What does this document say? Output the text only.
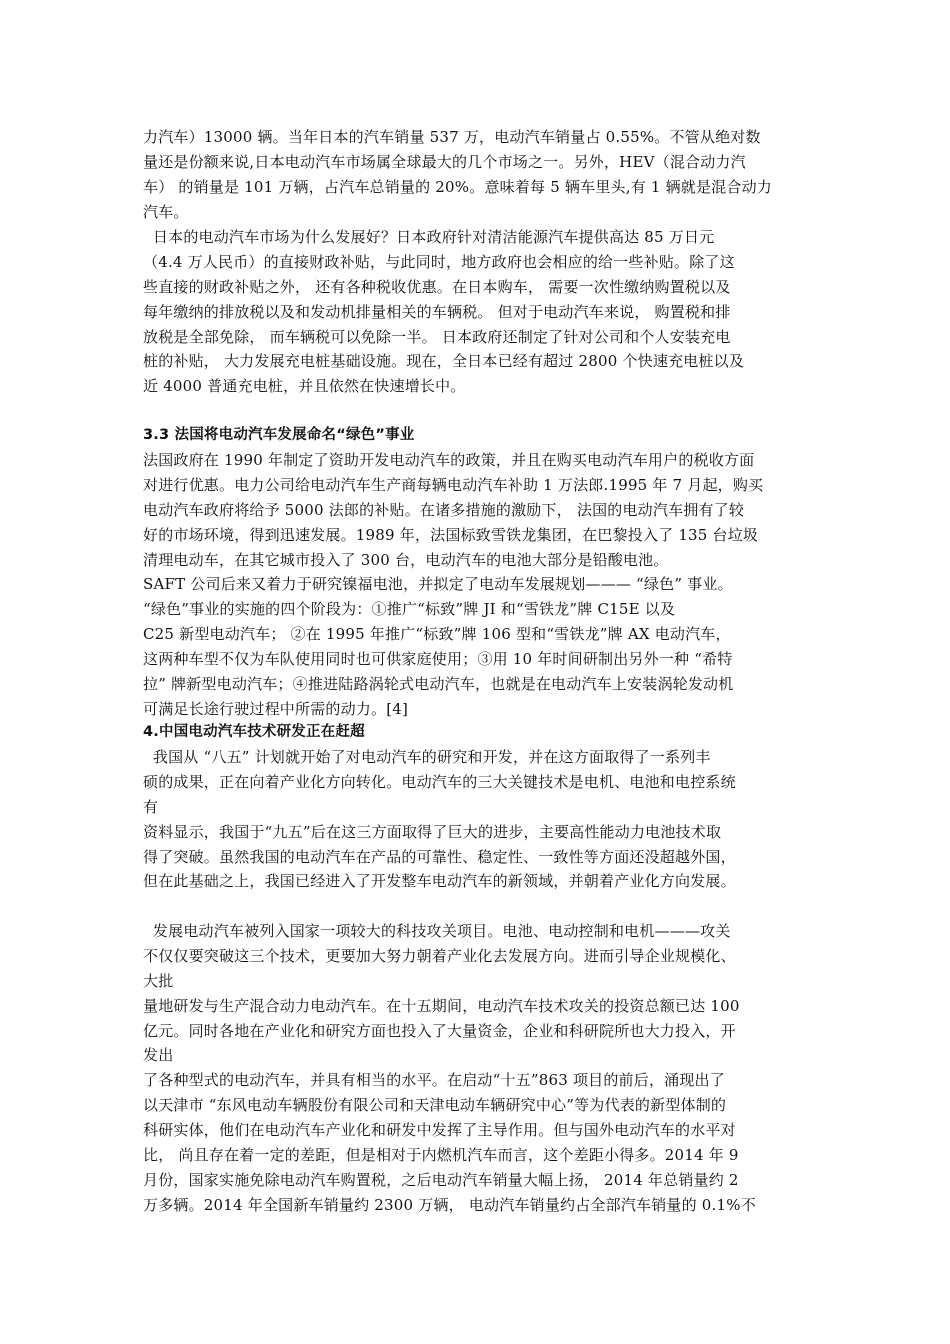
力汽车）13000 辆。当年日本的汽车销量 537 万，电动汽车销量占 0.55%。不管从绝对数
量还是份额来说,日本电动汽车市场属全球最大的几个市场之一。另外，HEV（混合动力汽
车） 的销量是 101 万辆，占汽车总销量的 20%。意味着每 5 辆车里头,有 1 辆就是混合动力
汽车。
日本的电动汽车市场为什么发展好？日本政府针对清洁能源汽车提供高达 85 万日元
（4.4 万人民币）的直接财政补贴，与此同时，地方政府也会相应的给一些补贴。除了这
些直接的财政补贴之外， 还有各种税收优惠。在日本购车， 需要一次性缴纳购置税以及
每年缴纳的排放税以及和发动机排量相关的车辆税。 但对于电动汽车来说， 购置税和排
放税是全部免除， 而车辆税可以免除一半。 日本政府还制定了针对公司和个人安装充电
桩的补贴， 大力发展充电桩基础设施。现在，全日本已经有超过 2800 个快速充电桩以及
近 4000 普通充电桩，并且依然在快速增长中。
3.3 法国将电动汽车发展命名“绿色”事业
法国政府在 1990 年制定了资助开发电动汽车的政策，并且在购买电动汽车用户的税收方面
对进行优惠。电力公司给电动汽车生产商每辆电动汽车补助 1 万法郎.1995 年 7 月起，购买
电动汽车政府将给予 5000 法郎的补贴。在诸多措施的激励下， 法国的电动汽车拥有了较
好的市场环境，得到迅速发展。1989 年，法国标致雪铁龙集团，在巴黎投入了 135 台垃圾
清理电动车，在其它城市投入了 300 台，电动汽车的电池大部分是铅酸电池。
SAFT 公司后来又着力于研究镍福电池，并拟定了电动车发展规划——— “绿色” 事业。
“绿色”事业的实施的四个阶段为：①推广“标致”牌 JI 和“雪铁龙”牌 C15E 以及
C25 新型电动汽车； ②在 1995 年推广“标致”牌 106 型和“雪铁龙”牌 AX 电动汽车，
这两种车型不仅为车队使用同时也可供家庭使用；③用 10 年时间研制出另外一种 “希特
拉” 牌新型电动汽车；④推进陆路涡轮式电动汽车，也就是在电动汽车上安装涡轮发动机
可满足长途行驶过程中所需的动力。[4]
4.中国电动汽车技术研发正在赶超
我国从 “八五” 计划就开始了对电动汽车的研究和开发，并在这方面取得了一系列丰
硕的成果，正在向着产业化方向转化。电动汽车的三大关键技术是电机、电池和电控系统
有
资料显示，我国于“九五”后在这三方面取得了巨大的进步，主要高性能动力电池技术取
得了突破。虽然我国的电动汽车在产品的可靠性、稳定性、一致性等方面还没超越外国，
但在此基础之上，我国已经进入了开发整车电动汽车的新领域，并朝着产业化方向发展。
发展电动汽车被列入国家一项较大的科技攻关项目。电池、电动控制和电机———攻关
不仅仅要突破这三个技术，更要加大努力朝着产业化去发展方向。进而引导企业规模化、
大批
量地研发与生产混合动力电动汽车。在十五期间，电动汽车技术攻关的投资总额已达 100
亿元。同时各地在产业化和研究方面也投入了大量资金，企业和科研院所也大力投入，开
发出
了各种型式的电动汽车，并具有相当的水平。在启动“十五”863 项目的前后，涌现出了
以天津市 “东风电动车辆股份有限公司和天津电动车辆研究中心”等为代表的新型体制的
科研实体，他们在电动汽车产业化和研发中发挥了主导作用。但与国外电动汽车的水平对
比， 尚且存在着一定的差距，但是相对于内燃机汽车而言，这个差距小得多。2014 年 9
月份，国家实施免除电动汽车购置税，之后电动汽车销量大幅上扬， 2014 年总销量约 2
万多辆。2014 年全国新车销量约 2300 万辆， 电动汽车销量约占全部汽车销量的 0.1%不
